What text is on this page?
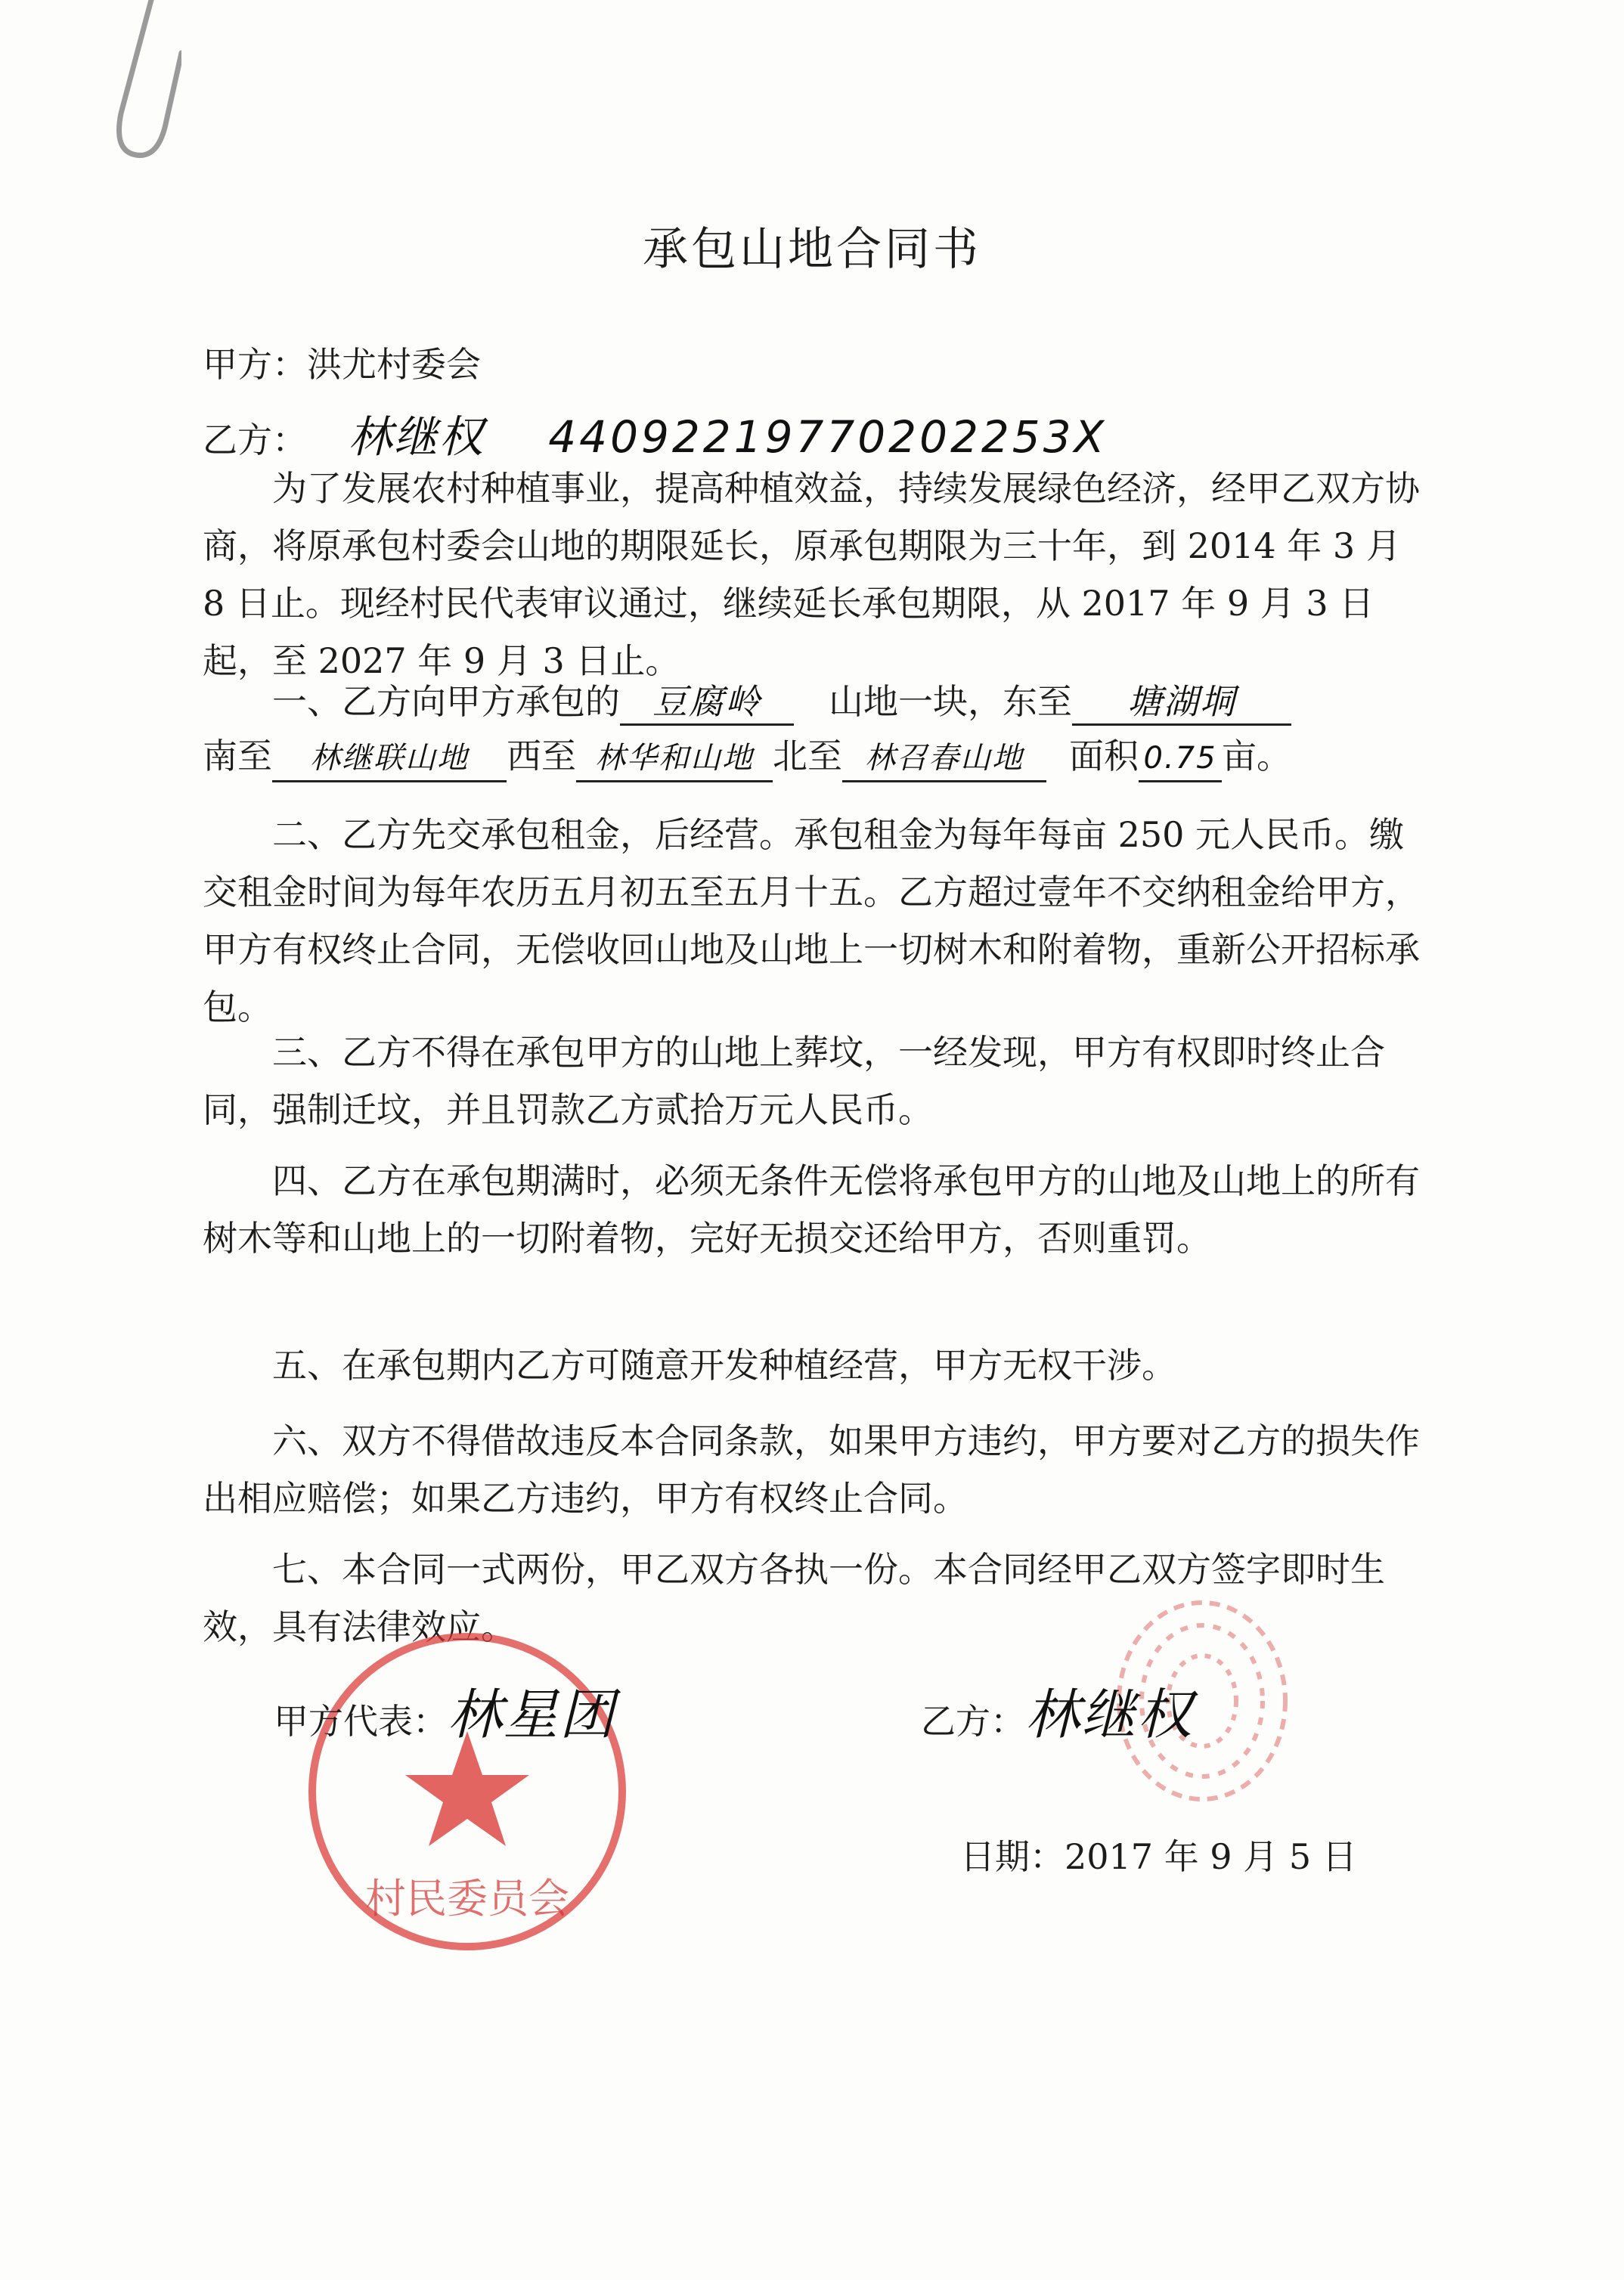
承包山地合同书
甲方：洪尤村委会
乙方： 林继权 44092219770202253X
为了发展农村种植事业，提高种植效益，持续发展绿色经济，经甲乙双方协商，将原承包村委会山地的期限延长，原承包期限为三十年，到 2014 年 3 月 8 日止。现经村民代表审议通过，继续延长承包期限，从 2017 年 9 月 3 日起，至 2027 年 9 月 3 日止。
一、乙方向甲方承包的 豆腐岭 山地一块，东至 塘湖垌
南至 林继联山地 西至 林华和山地 北至 林召春山地 面积 0.75 亩。
二、乙方先交承包租金，后经营。承包租金为每年每亩 250 元人民币。缴交租金时间为每年农历五月初五至五月十五。乙方超过壹年不交纳租金给甲方，甲方有权终止合同，无偿收回山地及山地上一切树木和附着物，重新公开招标承包。
三、乙方不得在承包甲方的山地上葬坟，一经发现，甲方有权即时终止合同，强制迁坟，并且罚款乙方贰拾万元人民币。
四、乙方在承包期满时，必须无条件无偿将承包甲方的山地及山地上的所有树木等和山地上的一切附着物，完好无损交还给甲方，否则重罚。
五、在承包期内乙方可随意开发种植经营，甲方无权干涉。
六、双方不得借故违反本合同条款，如果甲方违约，甲方要对乙方的损失作出相应赔偿；如果乙方违约，甲方有权终止合同。
七、本合同一式两份，甲乙双方各执一份。本合同经甲乙双方签字即时生效，具有法律效应。
村民委员会
甲方代表：林星团	乙方：林继权
日期：2017 年 9 月 5 日
